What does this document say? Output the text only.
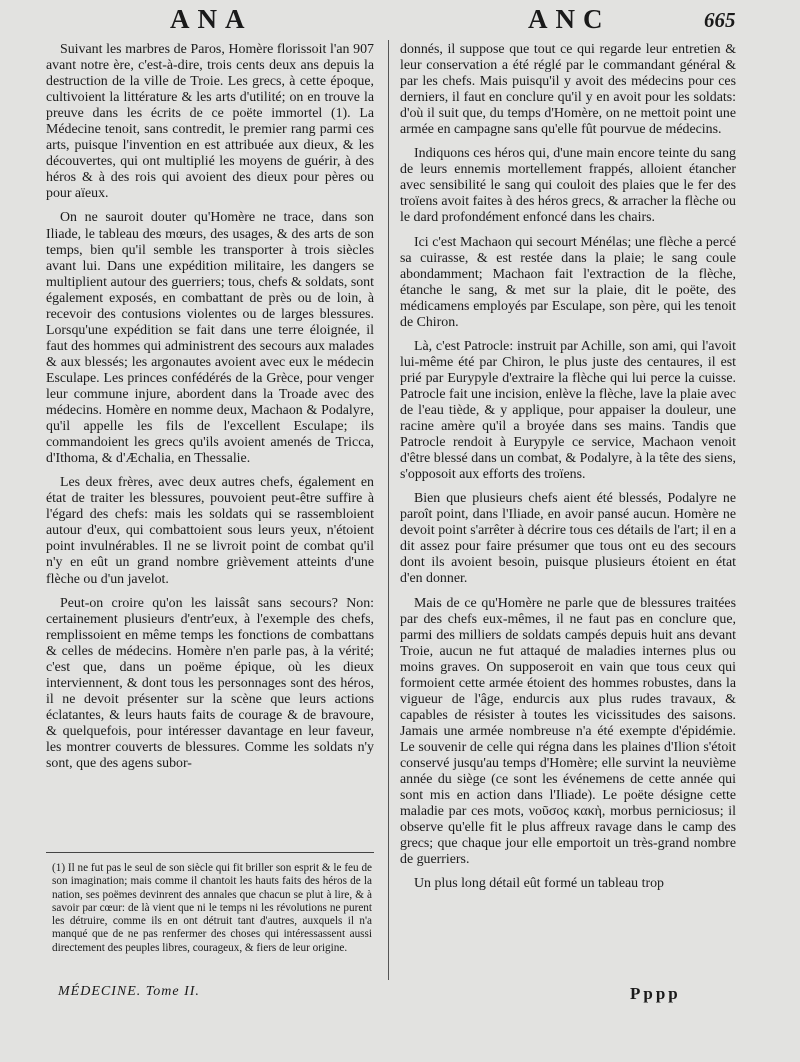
ANA	ANC	665

Suivant les marbres de Paros, Homère florissoit l'an 907 avant notre ère, c'est-à-dire, trois cents deux ans depuis la destruction de la ville de Troie. Les grecs, à cette époque, cultivoient la littérature & les arts d'utilité; on en trouve la preuve dans les écrits de ce poëte immortel (1). La Médecine tenoit, sans contredit, le premier rang parmi ces arts, puisque l'invention en est attribuée aux dieux, & les découvertes, qui ont multiplié les moyens de guérir, à des héros & à des rois qui avoient des dieux pour pères ou pour aïeux.

On ne sauroit douter qu'Homère ne trace, dans son Iliade, le tableau des mœurs, des usages, & des arts de son temps, bien qu'il semble les transporter à trois siècles avant lui. Dans une expédition militaire, les dangers se multiplient autour des guerriers; tous, chefs & soldats, sont également exposés, en combattant de près ou de loin, à recevoir des contusions violentes ou de larges blessures. Lorsqu'une expédition se fait dans une terre éloignée, il faut des hommes qui administrent des secours aux malades & aux blessés; les argonautes avoient avec eux le médecin Esculape. Les princes confédérés de la Grèce, pour venger leur commune injure, abordent dans la Troade avec des médecins. Homère en nomme deux, Machaon & Podalyre, qu'il appelle les fils de l'excellent Esculape; ils commandoient les grecs qu'ils avoient amenés de Tricca, d'Ithoma, & d'Æchalia, en Thessalie.

Les deux frères, avec deux autres chefs, également en état de traiter les blessures, pouvoient peut-être suffire à l'égard des chefs: mais les soldats qui se rassembloient autour d'eux, qui combattoient sous leurs yeux, n'étoient point invulnérables. Il ne se livroit point de combat qu'il n'y en eût un grand nombre grièvement atteints d'une flèche ou d'un javelot.

Peut-on croire qu'on les laissât sans secours? Non: certainement plusieurs d'entr'eux, à l'exemple des chefs, remplissoient en même temps les fonctions de combattans & celles de médecins. Homère n'en parle pas, à la vérité; c'est que, dans un poëme épique, où les dieux interviennent, & dont tous les personnages sont des héros, il ne devoit présenter sur la scène que leurs actions éclatantes, & leurs hauts faits de courage & de bravoure, & quelquefois, pour intéresser davantage en leur faveur, les montrer couverts de blessures. Comme les soldats n'y sont, que des agens subor-

donnés, il suppose que tout ce qui regarde leur entretien & leur conservation a été réglé par le commandant général & par les chefs. Mais puisqu'il y avoit des médecins pour ces derniers, il faut en conclure qu'il y en avoit pour les soldats: d'où il suit que, du temps d'Homère, on ne mettoit point une armée en campagne sans qu'elle fût pourvue de médecins.

Indiquons ces héros qui, d'une main encore teinte du sang de leurs ennemis mortellement frappés, alloient étancher avec sensibilité le sang qui couloit des plaies que le fer des troïens avoit faites à des héros grecs, & arracher la flèche ou le dard profondément enfoncé dans les chairs.

Ici c'est Machaon qui secourt Ménélas; une flèche a percé sa cuirasse, & est restée dans la plaie; le sang coule abondamment; Machaon fait l'extraction de la flèche, étanche le sang, & met sur la plaie, dit le poëte, des médicamens employés par Esculape, son père, qui les tenoit de Chiron.

Là, c'est Patrocle: instruit par Achille, son ami, qui l'avoit lui-même été par Chiron, le plus juste des centaures, il est prié par Eurypyle d'extraire la flèche qui lui perce la cuisse. Patrocle fait une incision, enlève la flèche, lave la plaie avec de l'eau tiède, & y applique, pour appaiser la douleur, une racine amère qu'il a broyée dans ses mains. Tandis que Patrocle rendoit à Eurypyle ce service, Machaon venoit d'être blessé dans un combat, & Podalyre, à la tête des siens, s'opposoit aux efforts des troïens.

Bien que plusieurs chefs aient été blessés, Podalyre ne paroît point, dans l'Iliade, en avoir pansé aucun. Homère ne devoit point s'arrêter à décrire tous ces détails de l'art; il en a dit assez pour faire présumer que tous ont eu des secours dont ils avoient besoin, puisque plusieurs étoient en état d'en donner.

Mais de ce qu'Homère ne parle que de blessures traitées par des chefs eux-mêmes, il ne faut pas en conclure que, parmi des milliers de soldats campés depuis huit ans devant Troie, aucun ne fut attaqué de maladies internes plus ou moins graves. On supposeroit en vain que tous ceux qui formoient cette armée étoient des hommes robustes, dans la vigueur de l'âge, endurcis aux plus rudes travaux, & capables de résister à toutes les vicissitudes des saisons. Jamais une armée nombreuse n'a été exempte d'épidémie. Le souvenir de celle qui régna dans les plaines d'Ilion s'étoit conservé jusqu'au temps d'Homère; elle survint la neuvième année du siège (ce sont les événemens de cette année qui sont mis en action dans l'Iliade). Le poëte désigne cette maladie par ces mots, νοῦσος κακὴ, morbus perniciosus; il observe qu'elle fit le plus affreux ravage dans le camp des grecs; que chaque jour elle emportoit un très-grand nombre de guerriers.

Un plus long détail eût formé un tableau trop

(1) Il ne fut pas le seul de son siècle qui fit briller son esprit & le feu de son imagination; mais comme il chantoit les hauts faits des héros de la nation, ses poëmes devinrent des annales que chacun se plut à lire, & à savoir par cœur: de là vient que ni le temps ni les révolutions ne purent les détruire, comme ils en ont détruit tant d'autres, auxquels il n'a manqué que de ne pas renfermer des choses qui intéressassent aussi directement des peuples libres, courageux, & fiers de leur origine.
MÉDECINE. Tome II.	Pppp
